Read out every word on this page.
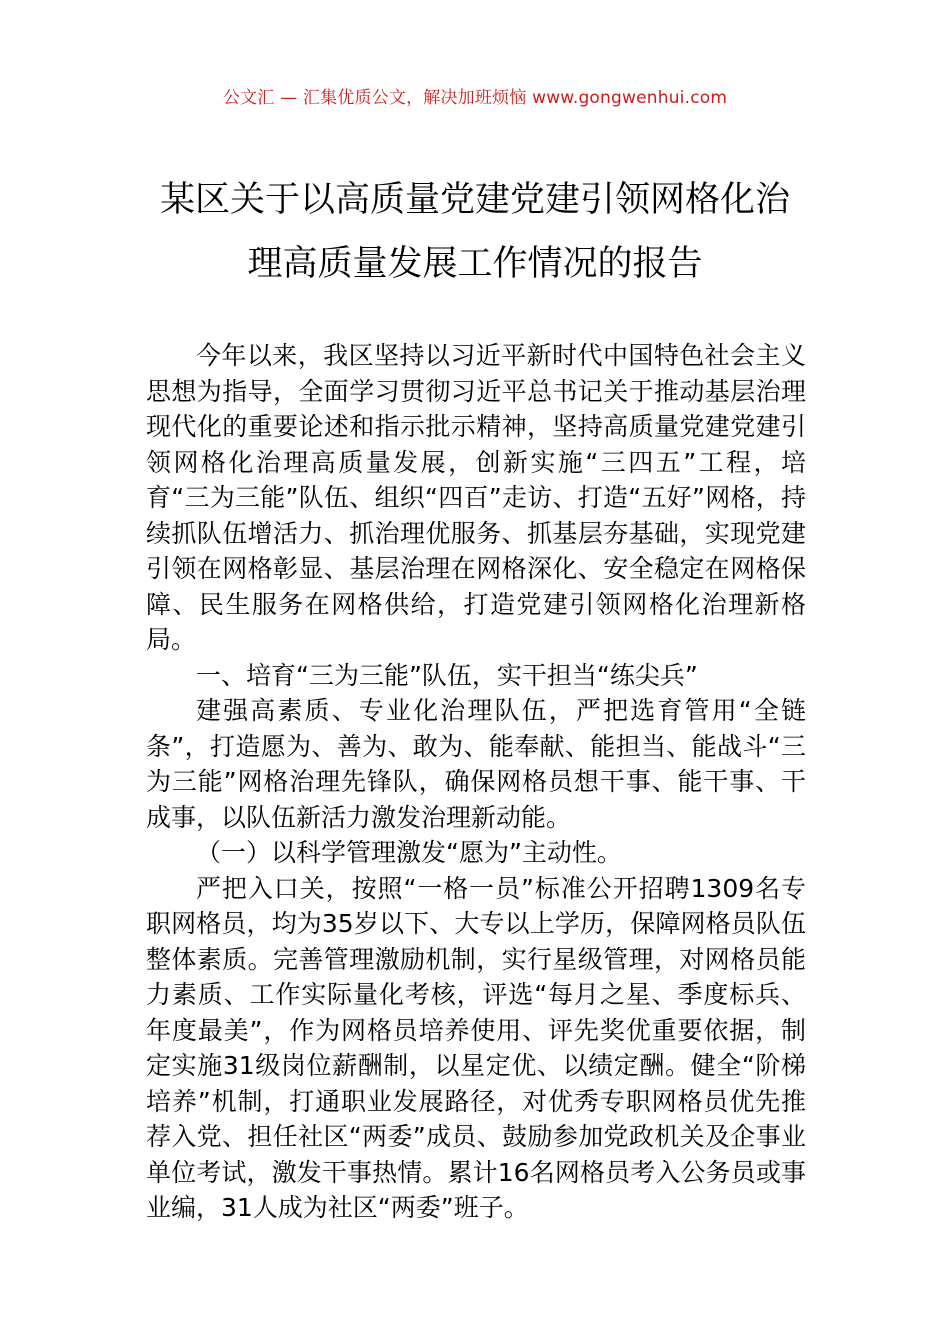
公文汇 — 汇集优质公文，解决加班烦恼 www.gongwenhui.com
某区关于以高质量党建党建引领网格化治
理高质量发展工作情况的报告

今年以来，我区坚持以习近平新时代中国特色社会主义思想为指导，全面学习贯彻习近平总书记关于推动基层治理现代化的重要论述和指示批示精神，坚持高质量党建党建引领网格化治理高质量发展，创新实施“三四五”工程，培育“三为三能”队伍、组织“四百”走访、打造“五好”网格，持续抓队伍增活力、抓治理优服务、抓基层夯基础，实现党建引领在网格彰显、基层治理在网格深化、安全稳定在网格保障、民生服务在网格供给，打造党建引领网格化治理新格局。

一、培育“三为三能”队伍，实干担当“练尖兵”

建强高素质、专业化治理队伍，严把选育管用“全链条”，打造愿为、善为、敢为、能奉献、能担当、能战斗“三为三能”网格治理先锋队，确保网格员想干事、能干事、干成事，以队伍新活力激发治理新动能。

（一）以科学管理激发“愿为”主动性。

严把入口关，按照“一格一员”标准公开招聘1309名专职网格员，均为35岁以下、大专以上学历，保障网格员队伍整体素质。完善管理激励机制，实行星级管理，对网格员能力素质、工作实际量化考核，评选“每月之星、季度标兵、年度最美”，作为网格员培养使用、评先奖优重要依据，制定实施31级岗位薪酬制，以星定优、以绩定酬。健全“阶梯培养”机制，打通职业发展路径，对优秀专职网格员优先推荐入党、担任社区“两委”成员、鼓励参加党政机关及企事业单位考试，激发干事热情。累计16名网格员考入公务员或事业编，31人成为社区“两委”班子。
